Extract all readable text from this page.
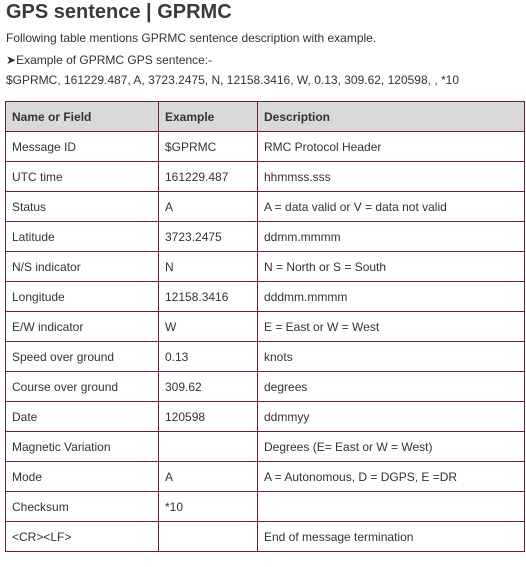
GPS sentence | GPRMC
Following table mentions GPRMC sentence description with example.
➤Example of GPRMC GPS sentence:-
$GPRMC, 161229.487, A, 3723.2475, N, 12158.3416, W, 0.13, 309.62, 120598, , *10
Name or Field	Example	Description
Message ID	$GPRMC	RMC Protocol Header
UTC time	161229.487	hhmmss.sss
Status	A	A = data valid or V = data not valid
Latitude	3723.2475	ddmm.mmmm
N/S indicator	N	N = North or S = South
Longitude	12158.3416	dddmm.mmmm
E/W indicator	W	E = East or W = West
Speed over ground	0.13	knots
Course over ground	309.62	degrees
Date	120598	ddmmyy
Magnetic Variation		Degrees (E= East or W = West)
Mode	A	A = Autonomous, D = DGPS, E =DR
Checksum	*10	
<CR><LF>		End of message termination
